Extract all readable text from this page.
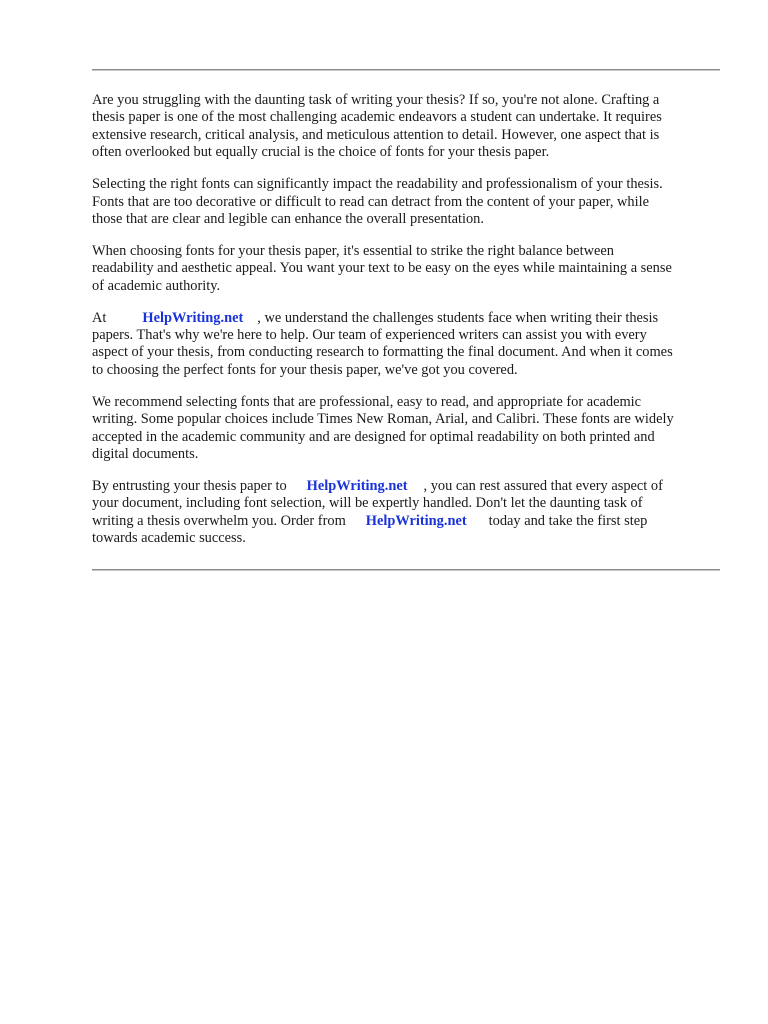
Are you struggling with the daunting task of writing your thesis? If so, you're not alone. Crafting a
thesis paper is one of the most challenging academic endeavors a student can undertake. It requires
extensive research, critical analysis, and meticulous attention to detail. However, one aspect that is
often overlooked but equally crucial is the choice of fonts for your thesis paper.

Selecting the right fonts can significantly impact the readability and professionalism of your thesis.
Fonts that are too decorative or difficult to read can detract from the content of your paper, while
those that are clear and legible can enhance the overall presentation.

When choosing fonts for your thesis paper, it's essential to strike the right balance between
readability and aesthetic appeal. You want your text to be easy on the eyes while maintaining a sense
of academic authority.

At	HelpWriting.net , we understand the challenges students face when writing their thesis
papers. That's why we're here to help. Our team of experienced writers can assist you with every
aspect of your thesis, from conducting research to formatting the final document. And when it comes
to choosing the perfect fonts for your thesis paper, we've got you covered.

We recommend selecting fonts that are professional, easy to read, and appropriate for academic
writing. Some popular choices include Times New Roman, Arial, and Calibri. These fonts are widely
accepted in the academic community and are designed for optimal readability on both printed and
digital documents.

By entrusting your thesis paper to HelpWriting.net , you can rest assured that every aspect of
your document, including font selection, will be expertly handled. Don't let the daunting task of
writing a thesis overwhelm you. Order from HelpWriting.net today and take the first step
towards academic success.
